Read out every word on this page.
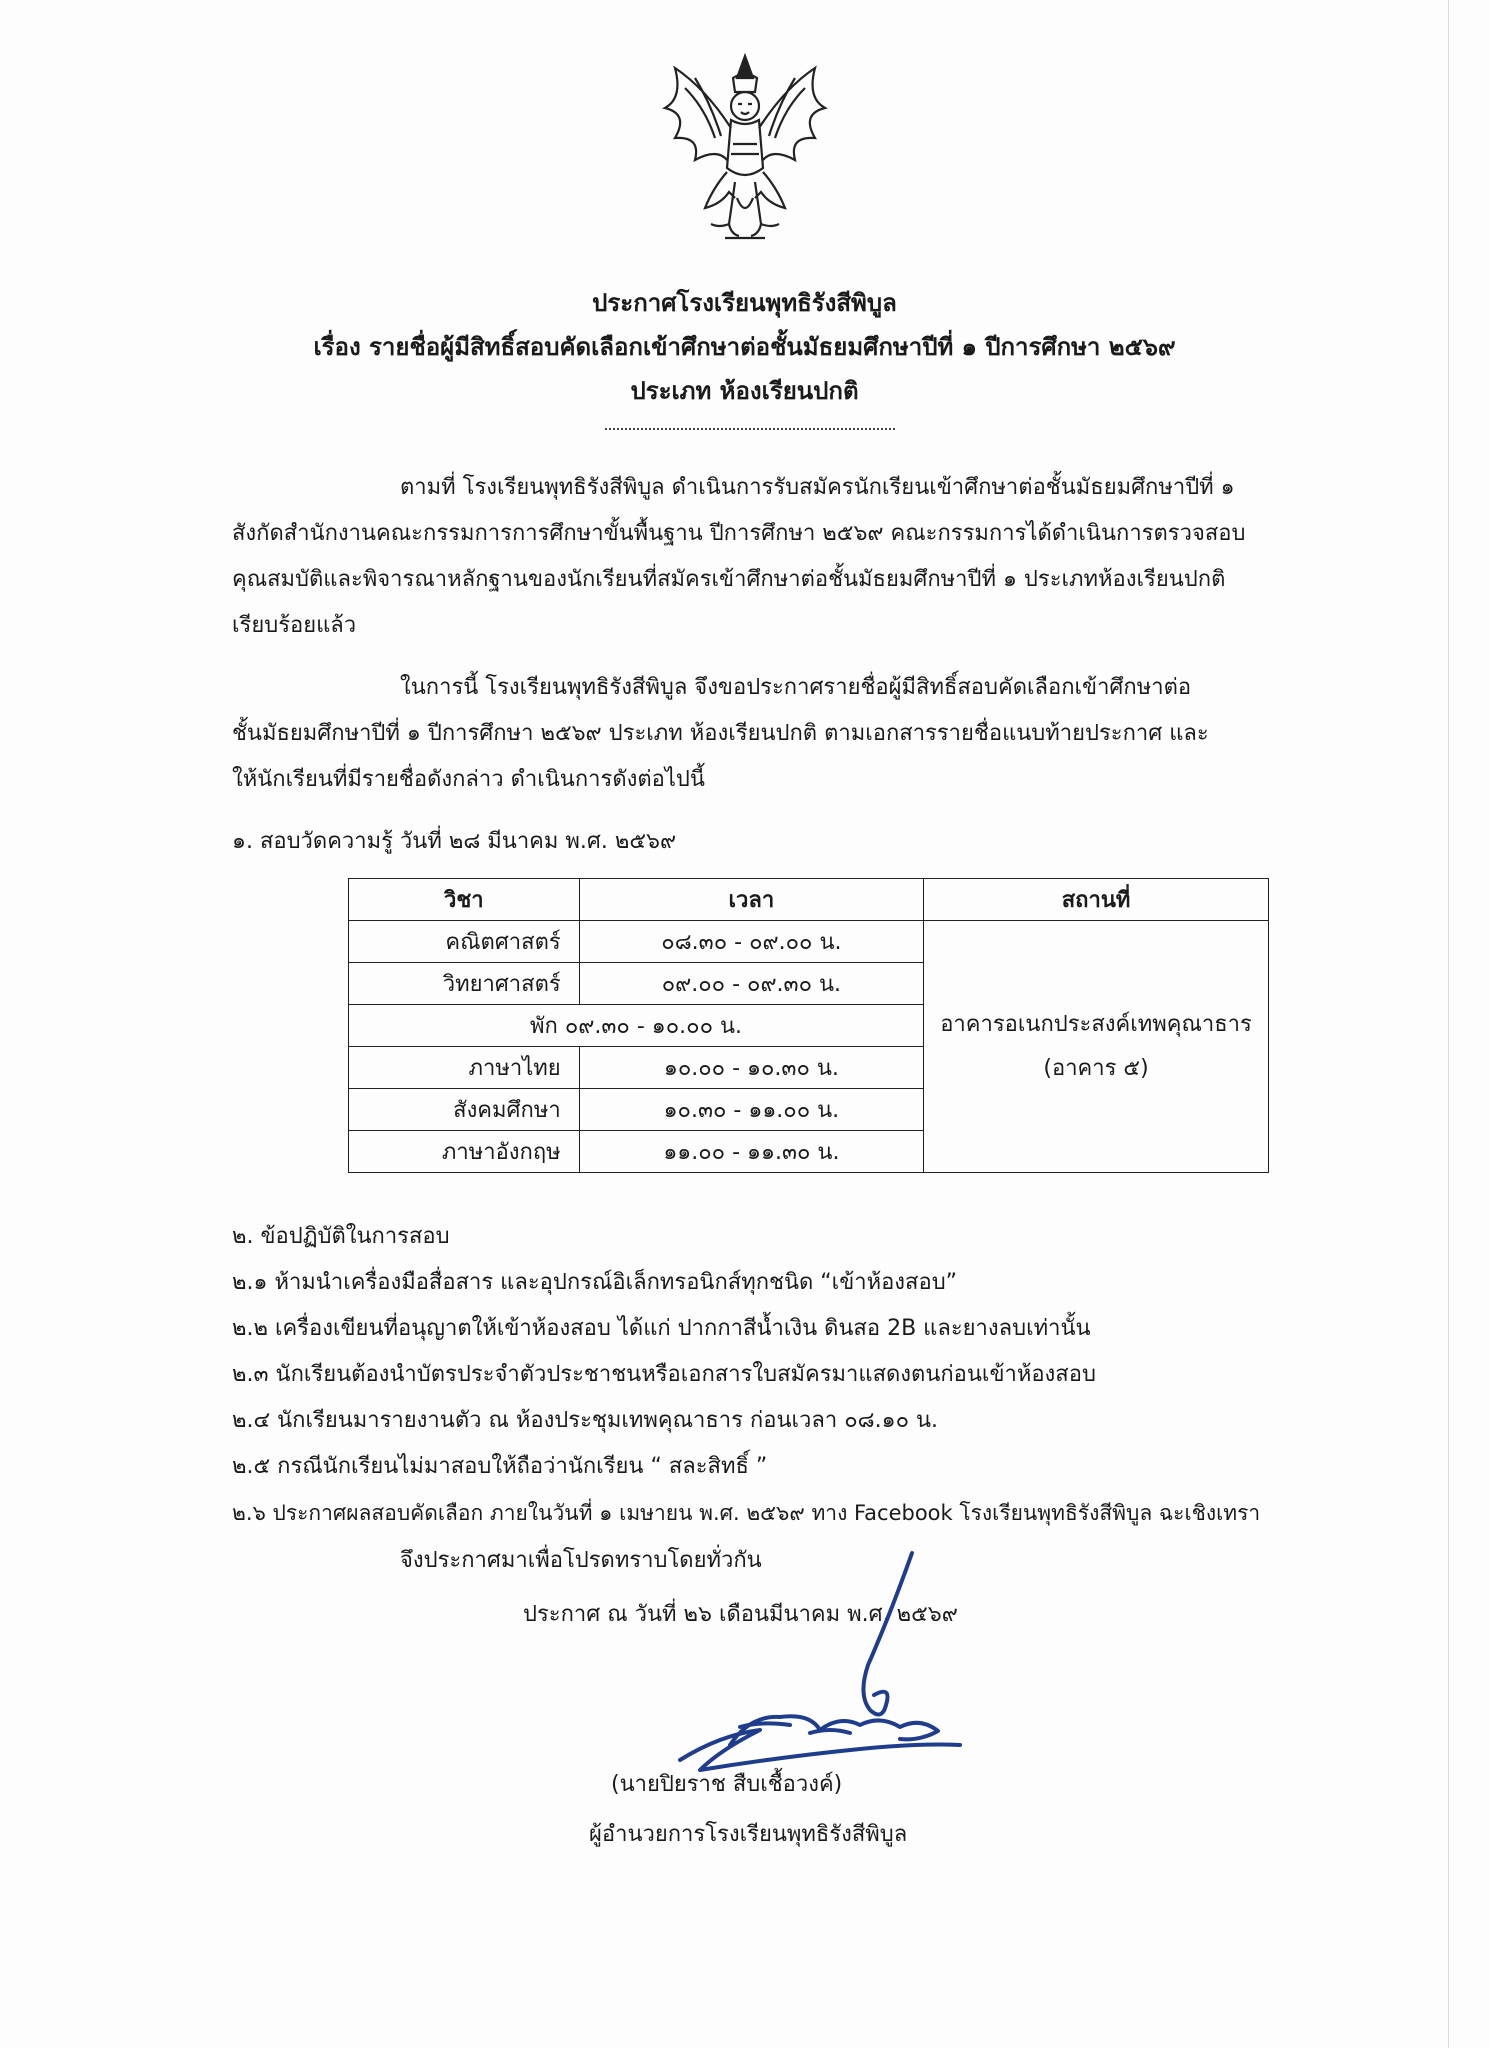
ประกาศโรงเรียนพุทธิรังสีพิบูล
เรื่อง รายชื่อผู้มีสิทธิ์สอบคัดเลือกเข้าศึกษาต่อชั้นมัธยมศึกษาปีที่ ๑ ปีการศึกษา ๒๕๖๙
ประเภท ห้องเรียนปกติ
ตามที่ โรงเรียนพุทธิรังสีพิบูล ดำเนินการรับสมัครนักเรียนเข้าศึกษาต่อชั้นมัธยมศึกษาปีที่ ๑
สังกัดสำนักงานคณะกรรมการการศึกษาขั้นพื้นฐาน ปีการศึกษา ๒๕๖๙ คณะกรรมการได้ดำเนินการตรวจสอบ
คุณสมบัติและพิจารณาหลักฐานของนักเรียนที่สมัครเข้าศึกษาต่อชั้นมัธยมศึกษาปีที่ ๑ ประเภทห้องเรียนปกติ
เรียบร้อยแล้ว
ในการนี้ โรงเรียนพุทธิรังสีพิบูล จึงขอประกาศรายชื่อผู้มีสิทธิ์สอบคัดเลือกเข้าศึกษาต่อ
ชั้นมัธยมศึกษาปีที่ ๑ ปีการศึกษา ๒๕๖๙ ประเภท ห้องเรียนปกติ ตามเอกสารรายชื่อแนบท้ายประกาศ และ
ให้นักเรียนที่มีรายชื่อดังกล่าว ดำเนินการดังต่อไปนี้
๑. สอบวัดความรู้ วันที่ ๒๘ มีนาคม พ.ศ. ๒๕๖๙
วิชา	เวลา	สถานที่
คณิตศาสตร์	๐๘.๓๐ - ๐๙.๐๐ น.	อาคารอเนกประสงค์เทพคุณาธาร
(อาคาร ๕)

วิทยาศาสตร์	๐๙.๐๐ - ๐๙.๓๐ น.	
พัก ๐๙.๓๐ - ๑๐.๐๐ น.		
ภาษาไทย	๑๐.๐๐ - ๑๐.๓๐ น.	
สังคมศึกษา	๑๐.๓๐ - ๑๑.๐๐ น.	
ภาษาอังกฤษ	๑๑.๐๐ - ๑๑.๓๐ น.	
๒. ข้อปฏิบัติในการสอบ
๒.๑ ห้ามนำเครื่องมือสื่อสาร และอุปกรณ์อิเล็กทรอนิกส์ทุกชนิด “เข้าห้องสอบ”
๒.๒ เครื่องเขียนที่อนุญาตให้เข้าห้องสอบ ได้แก่ ปากกาสีน้ำเงิน ดินสอ 2B และยางลบเท่านั้น
๒.๓ นักเรียนต้องนำบัตรประจำตัวประชาชนหรือเอกสารใบสมัครมาแสดงตนก่อนเข้าห้องสอบ
๒.๔ นักเรียนมารายงานตัว ณ ห้องประชุมเทพคุณาธาร ก่อนเวลา ๐๘.๑๐ น.
๒.๕ กรณีนักเรียนไม่มาสอบให้ถือว่านักเรียน “ สละสิทธิ์ ”
๒.๖ ประกาศผลสอบคัดเลือก ภายในวันที่ ๑ เมษายน พ.ศ. ๒๕๖๙ ทาง Facebook โรงเรียนพุทธิรังสีพิบูล ฉะเชิงเทรา
จึงประกาศมาเพื่อโปรดทราบโดยทั่วกัน
ประกาศ ณ วันที่ ๒๖ เดือนมีนาคม พ.ศ. ๒๕๖๙
(นายปิยราช สืบเชื้อวงค์)
ผู้อำนวยการโรงเรียนพุทธิรังสีพิบูล
